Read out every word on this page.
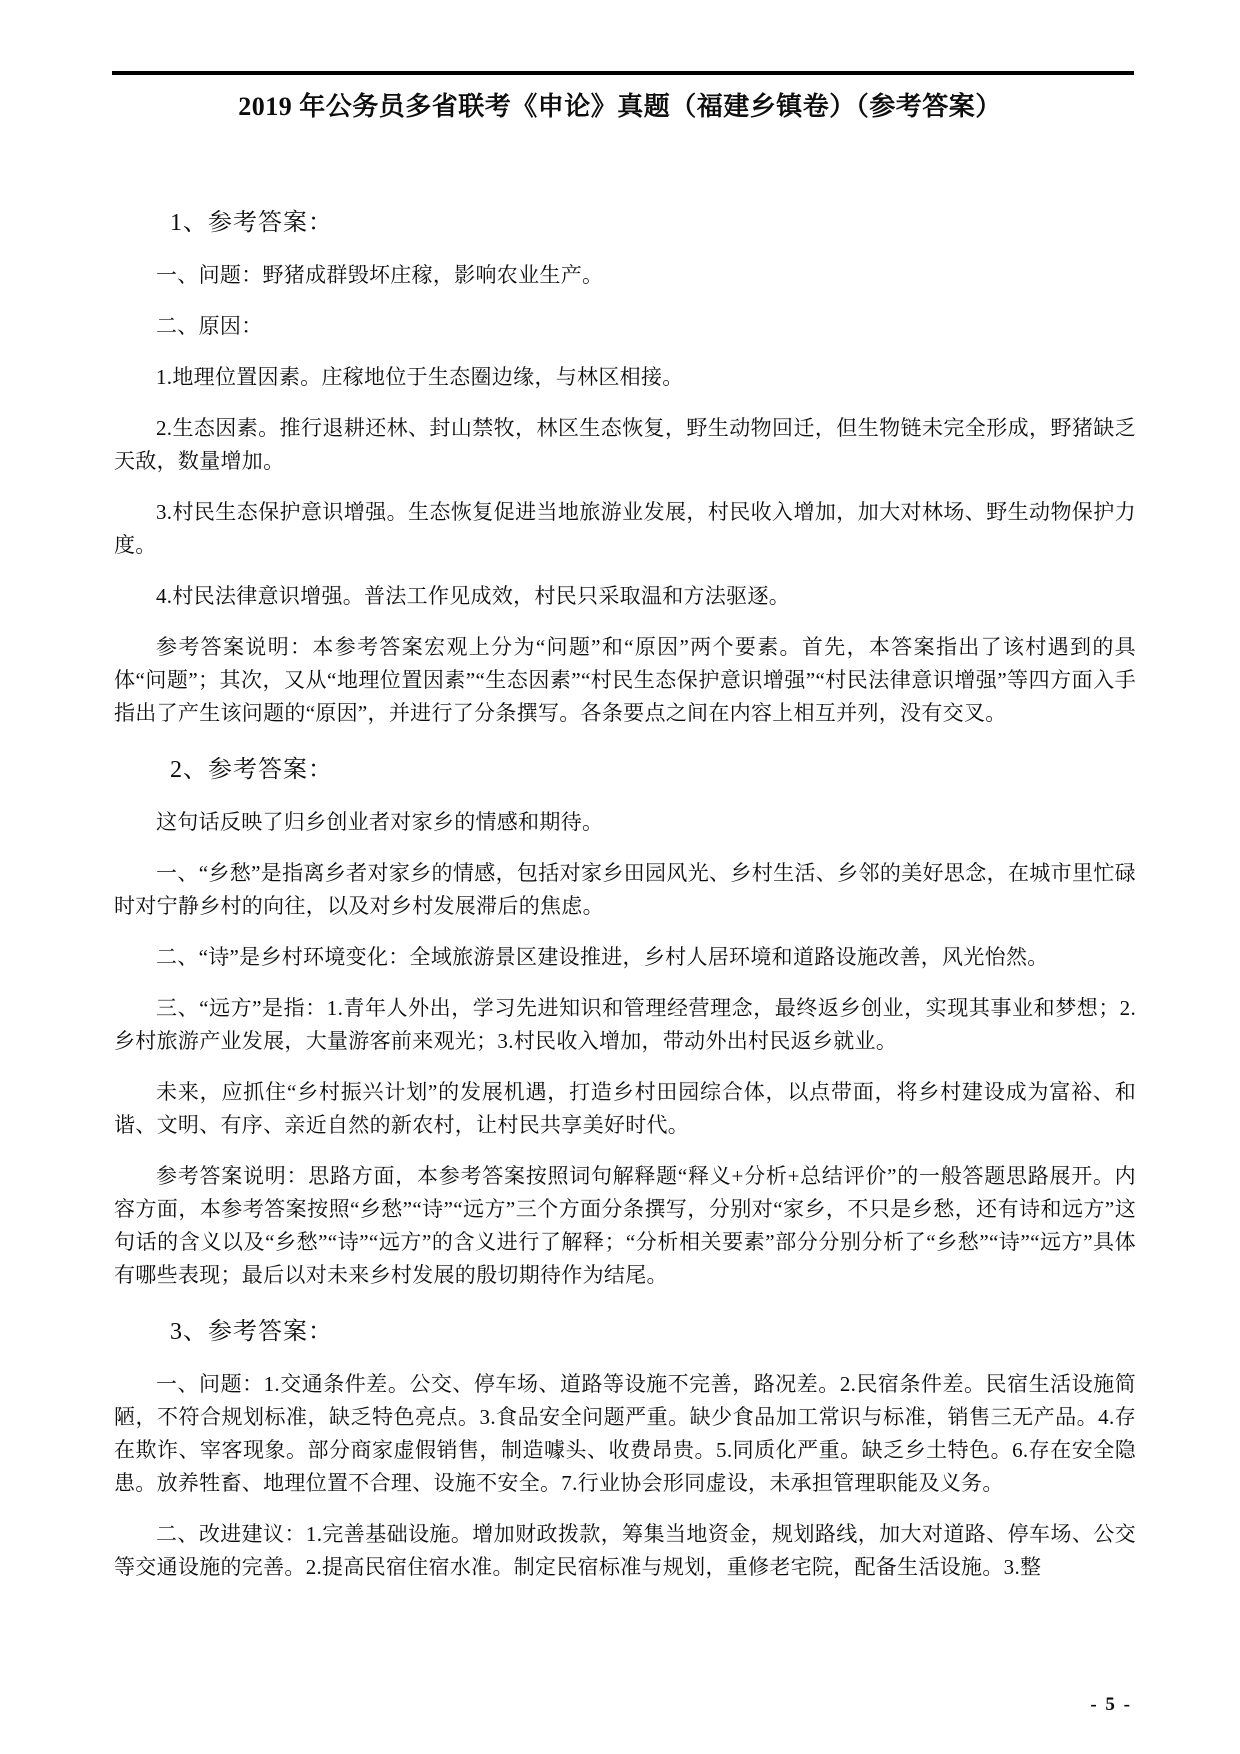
2019 年公务员多省联考《申论》真题（福建乡镇卷）（参考答案）
1、参考答案：

一、问题：野猪成群毁坏庄稼，影响农业生产。

二、原因：

1.地理位置因素。庄稼地位于生态圈边缘，与林区相接。

2.生态因素。推行退耕还林、封山禁牧，林区生态恢复，野生动物回迁，但生物链未完全形成，野猪缺乏天敌，数量增加。

3.村民生态保护意识增强。生态恢复促进当地旅游业发展，村民收入增加，加大对林场、野生动物保护力度。

4.村民法律意识增强。普法工作见成效，村民只采取温和方法驱逐。

参考答案说明：本参考答案宏观上分为“问题”和“原因”两个要素。首先，本答案指出了该村遇到的具体“问题”；其次，又从“地理位置因素”“生态因素”“村民生态保护意识增强”“村民法律意识增强”等四方面入手指出了产生该问题的“原因”，并进行了分条撰写。各条要点之间在内容上相互并列，没有交叉。

2、参考答案：

这句话反映了归乡创业者对家乡的情感和期待。

一、“乡愁”是指离乡者对家乡的情感，包括对家乡田园风光、乡村生活、乡邻的美好思念，在城市里忙碌时对宁静乡村的向往，以及对乡村发展滞后的焦虑。

二、“诗”是乡村环境变化：全域旅游景区建设推进，乡村人居环境和道路设施改善，风光怡然。

三、“远方”是指：1.青年人外出，学习先进知识和管理经营理念，最终返乡创业，实现其事业和梦想；2.乡村旅游产业发展，大量游客前来观光；3.村民收入增加，带动外出村民返乡就业。

未来，应抓住“乡村振兴计划”的发展机遇，打造乡村田园综合体，以点带面，将乡村建设成为富裕、和谐、文明、有序、亲近自然的新农村，让村民共享美好时代。

参考答案说明：思路方面，本参考答案按照词句解释题“释义+分析+总结评价”的一般答题思路展开。内容方面，本参考答案按照“乡愁”“诗”“远方”三个方面分条撰写，分别对“家乡，不只是乡愁，还有诗和远方”这句话的含义以及“乡愁”“诗”“远方”的含义进行了解释；“分析相关要素”部分分别分析了“乡愁”“诗”“远方”具体有哪些表现；最后以对未来乡村发展的殷切期待作为结尾。

3、参考答案：

一、问题：1.交通条件差。公交、停车场、道路等设施不完善，路况差。2.民宿条件差。民宿生活设施简陋，不符合规划标准，缺乏特色亮点。3.食品安全问题严重。缺少食品加工常识与标准，销售三无产品。4.存在欺诈、宰客现象。部分商家虚假销售，制造噱头、收费昂贵。5.同质化严重。缺乏乡土特色。6.存在安全隐患。放养牲畜、地理位置不合理、设施不安全。7.行业协会形同虚设，未承担管理职能及义务。

二、改进建议：1.完善基础设施。增加财政拨款，筹集当地资金，规划路线，加大对道路、停车场、公交等交通设施的完善。2.提高民宿住宿水准。制定民宿标准与规划，重修老宅院，配备生活设施。3.整

- 5 -
